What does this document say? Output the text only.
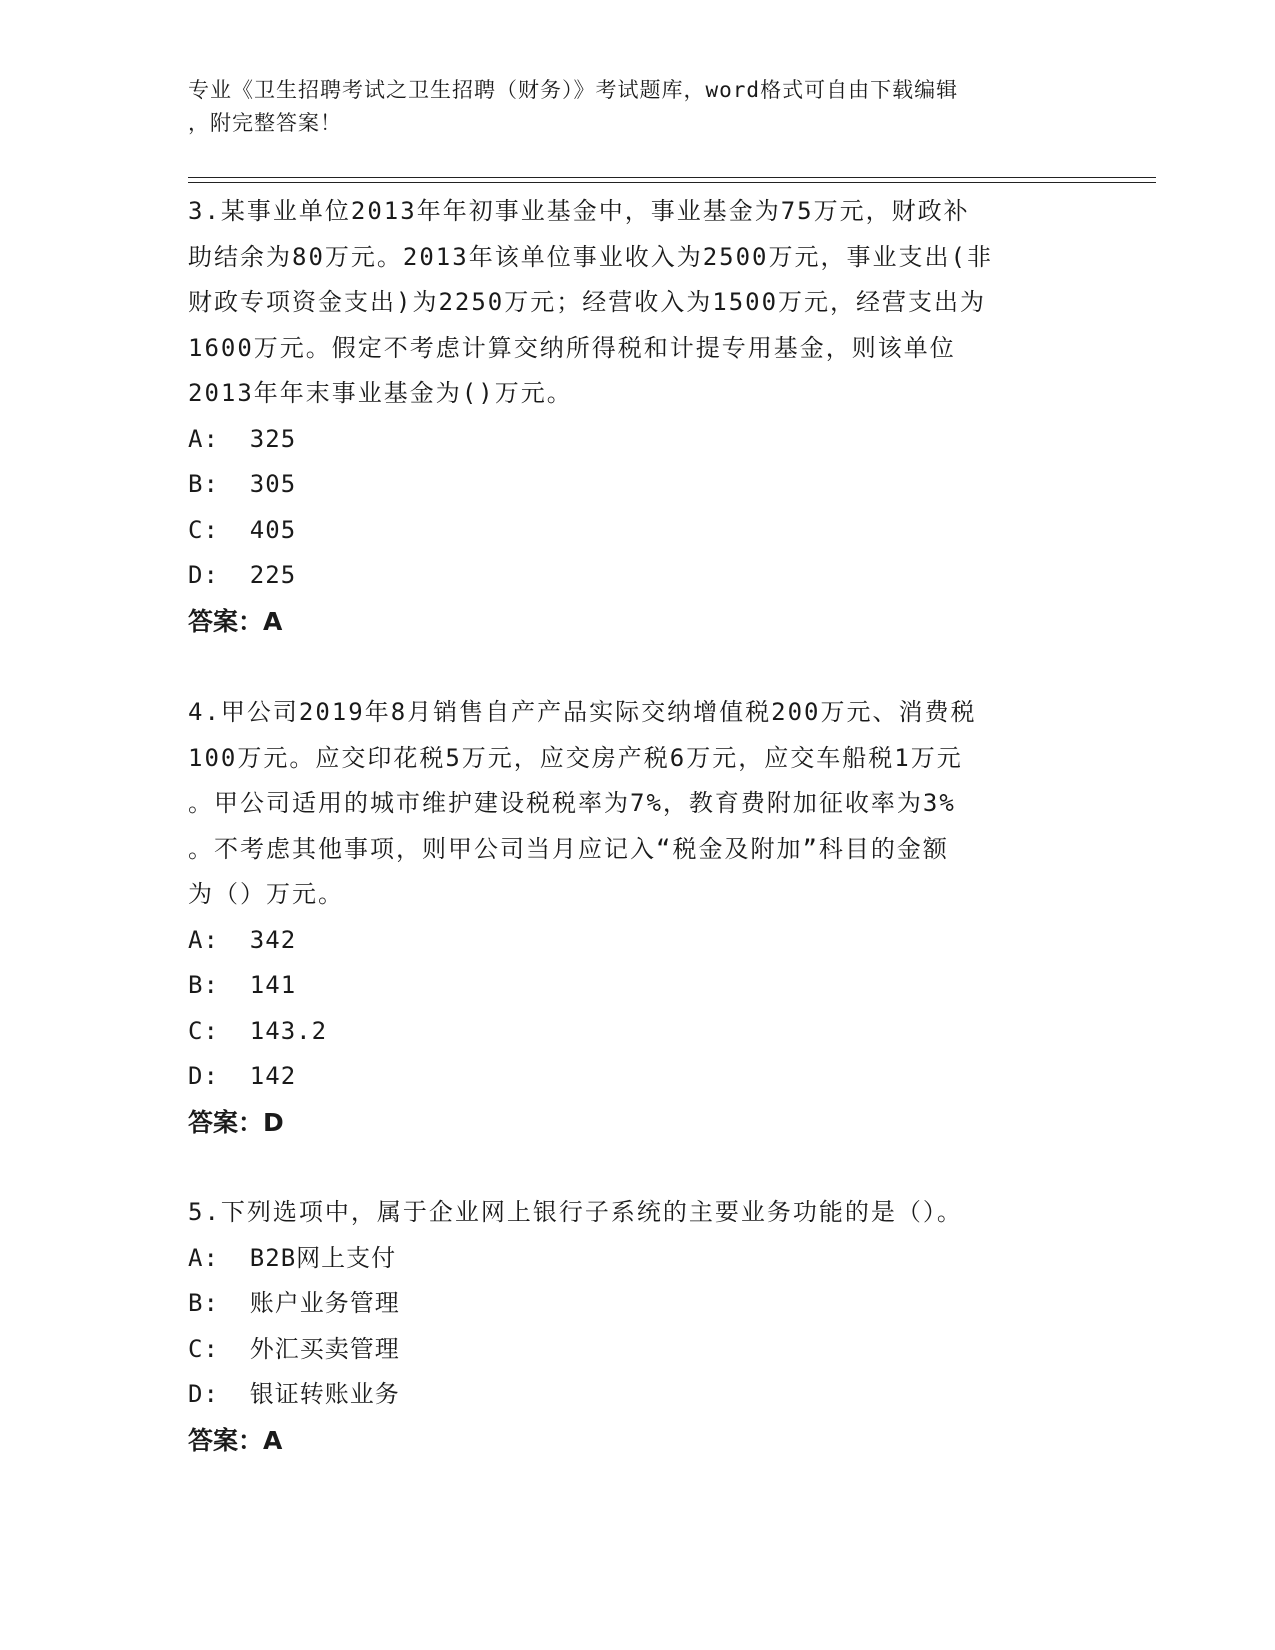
专业《卫生招聘考试之卫生招聘（财务）》考试题库，word格式可自由下载编辑
，附完整答案！

3.某事业单位2013年年初事业基金中，事业基金为75万元，财政补

助结余为80万元。2013年该单位事业收入为2500万元，事业支出(非

财政专项资金支出)为2250万元；经营收入为1500万元，经营支出为

1600万元。假定不考虑计算交纳所得税和计提专用基金，则该单位

2013年年末事业基金为()万元。

A:  325

B:  305

C:  405

D:  225

答案：A

4.甲公司2019年8月销售自产产品实际交纳增值税200万元、消费税

100万元。应交印花税5万元，应交房产税6万元，应交车船税1万元

。甲公司适用的城市维护建设税税率为7%，教育费附加征收率为3%

。不考虑其他事项，则甲公司当月应记入“税金及附加”科目的金额

为（）万元。

A:  342

B:  141

C:  143.2

D:  142

答案：D

5.下列选项中，属于企业网上银行子系统的主要业务功能的是（）。

A:  B2B网上支付

B:  账户业务管理

C:  外汇买卖管理

D:  银证转账业务

答案：A
